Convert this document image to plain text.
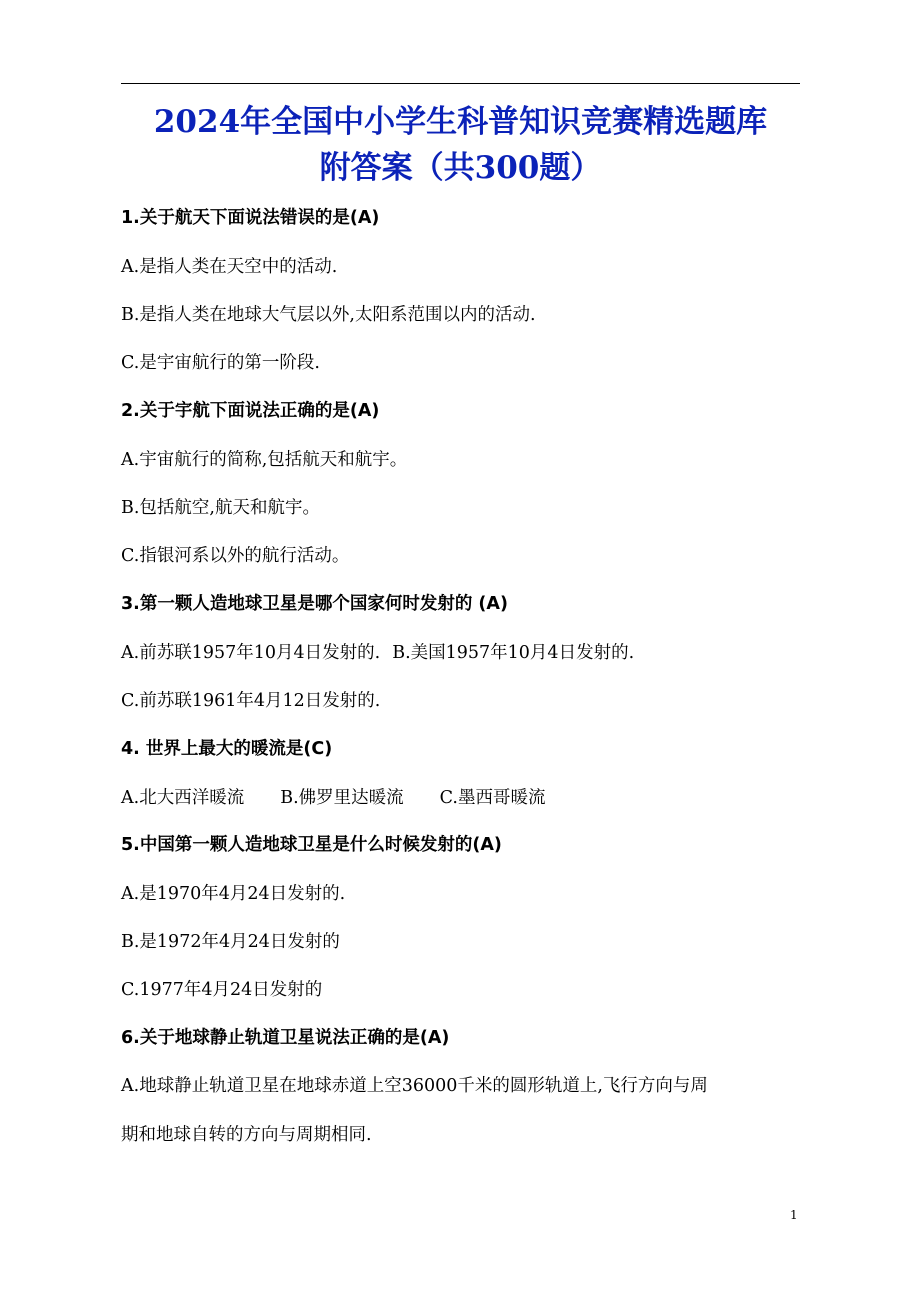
2024年全国中小学生科普知识竞赛精选题库
附答案（共300题）
1.关于航天下面说法错误的是(A)
A.是指人类在天空中的活动.
B.是指人类在地球大气层以外,太阳系范围以内的活动.
C.是宇宙航行的第一阶段.
2.关于宇航下面说法正确的是(A)
A.宇宙航行的简称,包括航天和航宇。
B.包括航空,航天和航宇。
C.指银河系以外的航行活动。
3.第一颗人造地球卫星是哪个国家何时发射的 (A)
A.前苏联1957年10月4日发射的. B.美国1957年10月4日发射的.
C.前苏联1961年4月12日发射的.
4. 世界上最大的暖流是(C)
A.北大西洋暖流 B.佛罗里达暖流 C.墨西哥暖流
5.中国第一颗人造地球卫星是什么时候发射的(A)
A.是1970年4月24日发射的.
B.是1972年4月24日发射的
C.1977年4月24日发射的
6.关于地球静止轨道卫星说法正确的是(A)
A.地球静止轨道卫星在地球赤道上空36000千米的圆形轨道上,飞行方向与周
期和地球自转的方向与周期相同.
1
